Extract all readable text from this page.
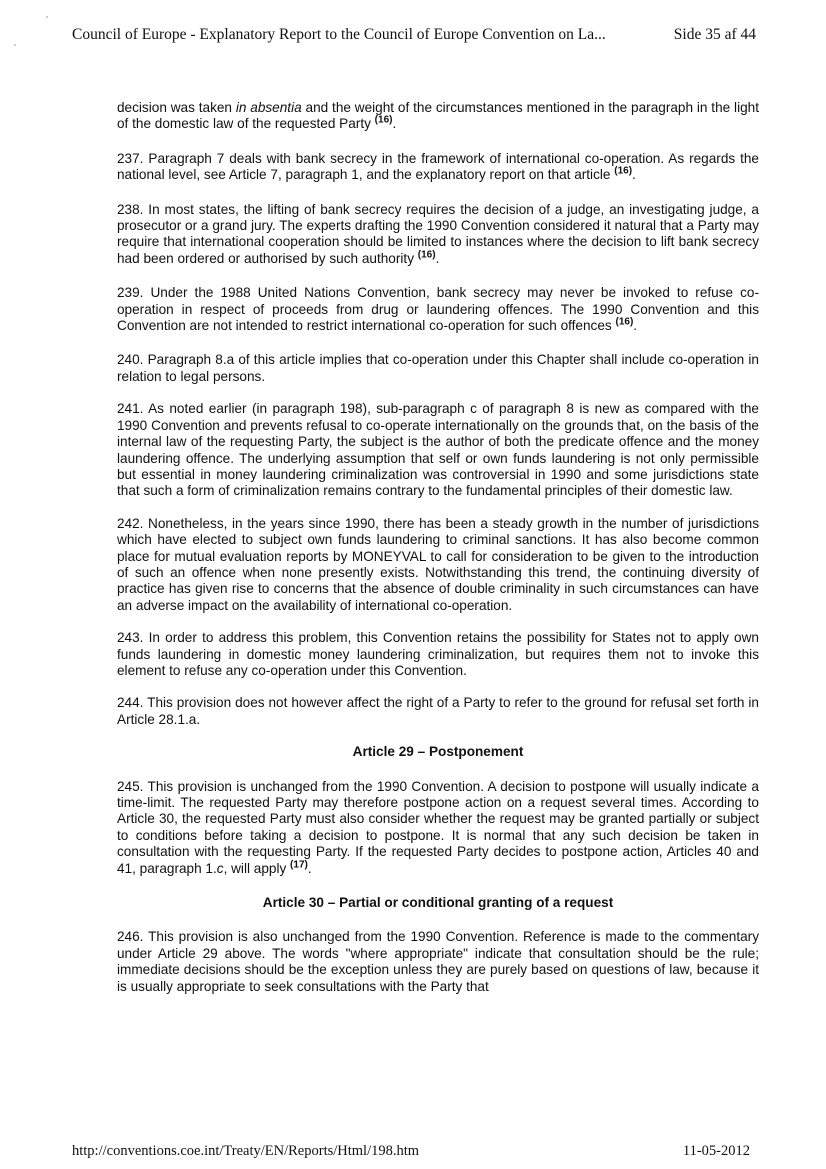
Council of Europe - Explanatory Report to the Council of Europe Convention on La...	Side 35 af 44

decision was taken in absentia and the weight of the circumstances mentioned in the paragraph in the light of the domestic law of the requested Party $^{(16)}$.

237. Paragraph 7 deals with bank secrecy in the framework of international co-operation. As regards the national level, see Article 7, paragraph 1, and the explanatory report on that article $^{(16)}$.

238. In most states, the lifting of bank secrecy requires the decision of a judge, an investigating judge, a prosecutor or a grand jury. The experts drafting the 1990 Convention considered it natural that a Party may require that international cooperation should be limited to instances where the decision to lift bank secrecy had been ordered or authorised by such authority $^{(16)}$.

239. Under the 1988 United Nations Convention, bank secrecy may never be invoked to refuse co-operation in respect of proceeds from drug or laundering offences. The 1990 Convention and this Convention are not intended to restrict international co-operation for such offences $^{(16)}$.

240. Paragraph 8.a of this article implies that co-operation under this Chapter shall include co-operation in relation to legal persons.

241. As noted earlier (in paragraph 198), sub-paragraph c of paragraph 8 is new as compared with the 1990 Convention and prevents refusal to co-operate internationally on the grounds that, on the basis of the internal law of the requesting Party, the subject is the author of both the predicate offence and the money laundering offence. The underlying assumption that self or own funds laundering is not only permissible but essential in money laundering criminalization was controversial in 1990 and some jurisdictions state that such a form of criminalization remains contrary to the fundamental principles of their domestic law.

242. Nonetheless, in the years since 1990, there has been a steady growth in the number of jurisdictions which have elected to subject own funds laundering to criminal sanctions. It has also become common place for mutual evaluation reports by MONEYVAL to call for consideration to be given to the introduction of such an offence when none presently exists. Notwithstanding this trend, the continuing diversity of practice has given rise to concerns that the absence of double criminality in such circumstances can have an adverse impact on the availability of international co-operation.

243. In order to address this problem, this Convention retains the possibility for States not to apply own funds laundering in domestic money laundering criminalization, but requires them not to invoke this element to refuse any co-operation under this Convention.

244. This provision does not however affect the right of a Party to refer to the ground for refusal set forth in Article 28.1.a.

Article 29 – Postponement

245. This provision is unchanged from the 1990 Convention. A decision to postpone will usually indicate a time-limit. The requested Party may therefore postpone action on a request several times. According to Article 30, the requested Party must also consider whether the request may be granted partially or subject to conditions before taking a decision to postpone. It is normal that any such decision be taken in consultation with the requesting Party. If the requested Party decides to postpone action, Articles 40 and 41, paragraph 1.c, will apply $^{(17)}$.

Article 30 – Partial or conditional granting of a request

246. This provision is also unchanged from the 1990 Convention. Reference is made to the commentary under Article 29 above. The words "where appropriate" indicate that consultation should be the rule; immediate decisions should be the exception unless they are purely based on questions of law, because it is usually appropriate to seek consultations with the Party that

http://conventions.coe.int/Treaty/EN/Reports/Html/198.htm	11-05-2012
